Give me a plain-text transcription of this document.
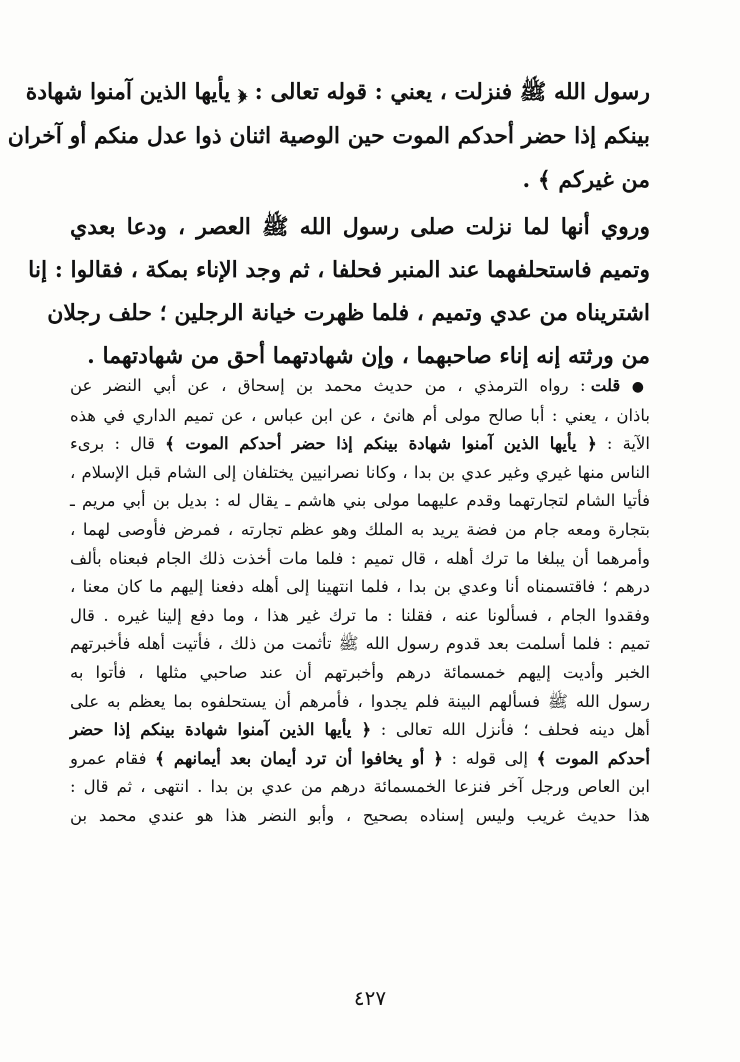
رسول الله ﷺ فنزلت ، يعني : قوله تعالى : ﴿ يأيها الذين آمنوا شهادة
بينكم إذا حضر أحدكم الموت حين الوصية اثنان ذوا عدل منكم أو آخران
من غيركم ﴾ .
وروي أنها لما نزلت صلى رسول الله ﷺ العصر ، ودعا بعدي
وتميم فاستحلفهما عند المنبر فحلفا ، ثم وجد الإناء بمكة ، فقالوا : إنا
اشتريناه من عدي وتميم ، فلما ظهرت خيانة الرجلين ؛ حلف رجلان
من ورثته إنه إناء صاحبهما ، وإن شهادتهما أحق من شهادتهما .
● قلت : رواه الترمذي ، من حديث محمد بن إسحاق ، عن أبي النضر عن
باذان ، يعني : أبا صالح مولى أم هانئ ، عن ابن عباس ، عن تميم الداري في هذه
الآية : ﴿ يأيها الذين آمنوا شهادة بينكم إذا حضر أحدكم الموت ﴾ قال : برىء
الناس منها غيري وغير عدي بن بدا ، وكانا نصرانيين يختلفان إلى الشام قبل الإسلام ،
فأتيا الشام لتجارتهما وقدم عليهما مولى بني هاشم ـ يقال له : بديل بن أبي مريم ـ
بتجارة ومعه جام من فضة يريد به الملك وهو عظم تجارته ، فمرض فأوصى لهما ،
وأمرهما أن يبلغا ما ترك أهله ، قال تميم : فلما مات أخذت ذلك الجام فبعناه بألف
درهم ؛ فاقتسمناه أنا وعدي بن بدا ، فلما انتهينا إلى أهله دفعنا إليهم ما كان معنا ،
وفقدوا الجام ، فسألونا عنه ، فقلنا : ما ترك غير هذا ، وما دفع إلينا غيره . قال
تميم : فلما أسلمت بعد قدوم رسول الله ﷺ تأثمت من ذلك ، فأتيت أهله فأخبرتهم
الخبر وأديت إليهم خمسمائة درهم وأخبرتهم أن عند صاحبي مثلها ، فأتوا به
رسول الله ﷺ فسألهم البينة فلم يجدوا ، فأمرهم أن يستحلفوه بما يعظم به على
أهل دينه فحلف ؛ فأنزل الله تعالى : ﴿ يأيها الذين آمنوا شهادة بينكم إذا حضر
أحدكم الموت ﴾ إلى قوله : ﴿ أو يخافوا أن ترد أيمان بعد أيمانهم ﴾ فقام عمرو
ابن العاص ورجل آخر فنزعا الخمسمائة درهم من عدي بن بدا . انتهى ، ثم قال :
هذا حديث غريب وليس إسناده بصحيح ، وأبو النضر هذا هو عندي محمد بن
٤٢٧
